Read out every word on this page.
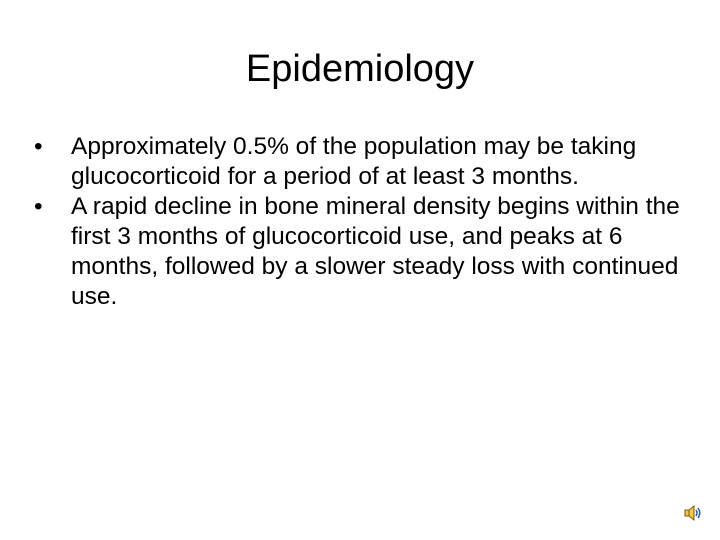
Epidemiology
•	Approximately 0.5% of the population may be taking glucocorticoid for a period of at least 3 months.
•	A rapid decline in bone mineral density begins within the first 3 months of glucocorticoid use, and peaks at 6 months, followed by a slower steady loss with continued use.
